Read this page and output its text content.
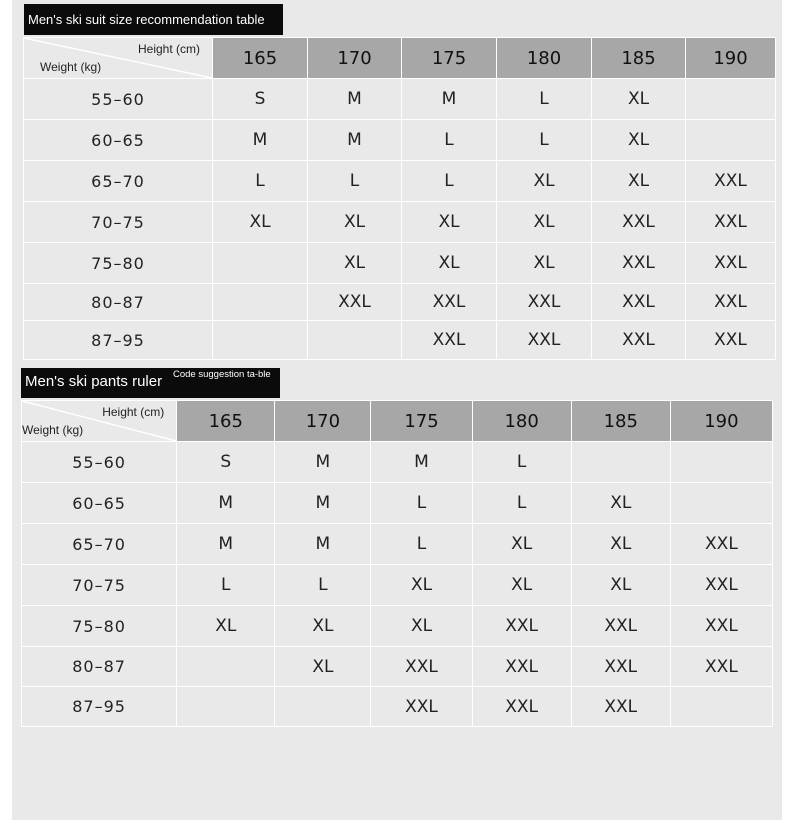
Men's ski suit size recommendation table
Height (cm)
Weight (kg)	165	170	175	180	185	190
55–60	S	M	M	L	XL	
60–65	M	M	L	L	XL	
65–70	L	L	L	XL	XL	XXL
70–75	XL	XL	XL	XL	XXL	XXL
75–80		XL	XL	XL	XXL	XXL
80–87		XXL	XXL	XXL	XXL	XXL
87–95			XXL	XXL	XXL	XXL
Men's ski pants ruler Code suggestion ta-ble
Height (cm)
Weight (kg)	165	170	175	180	185	190
55–60	S	M	M	L		
60–65	M	M	L	L	XL	
65–70	M	M	L	XL	XL	XXL
70–75	L	L	XL	XL	XL	XXL
75–80	XL	XL	XL	XXL	XXL	XXL
80–87		XL	XXL	XXL	XXL	XXL
87–95			XXL	XXL	XXL	
